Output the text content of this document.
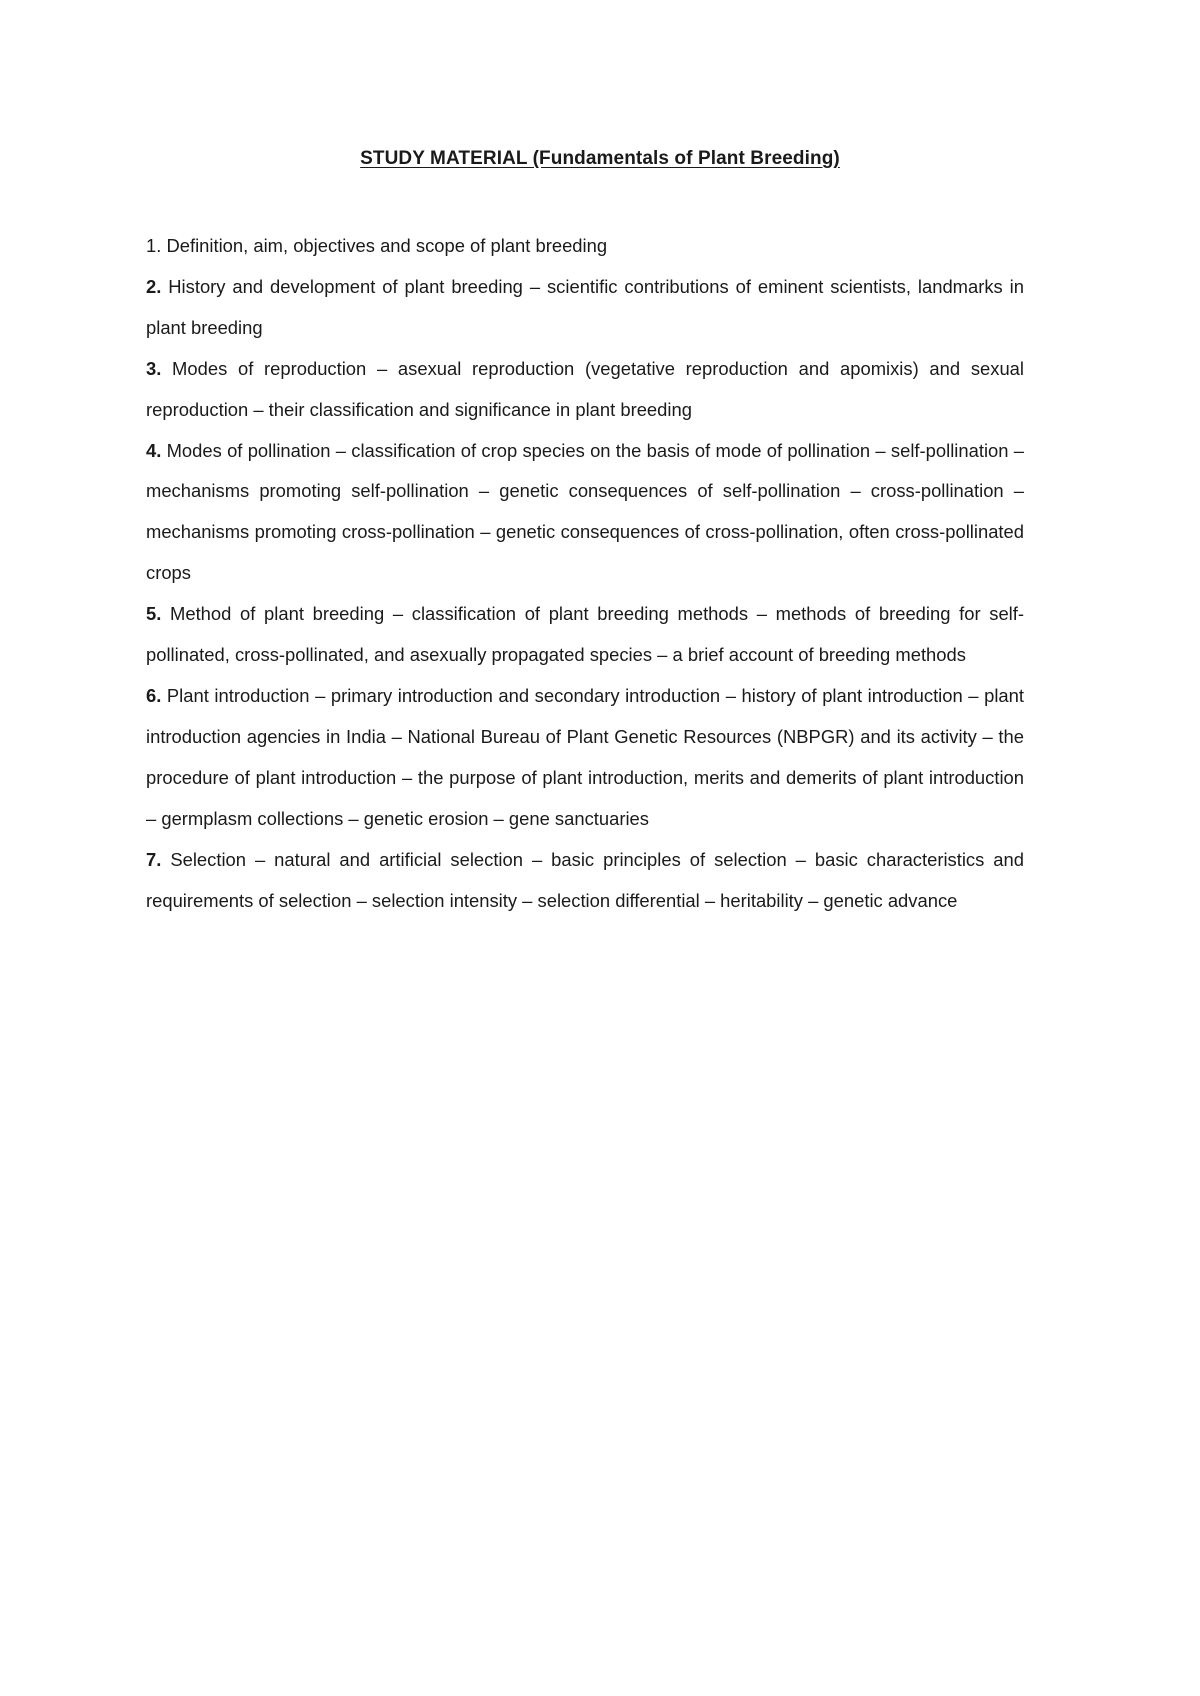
STUDY MATERIAL (Fundamentals of Plant Breeding)
1. Definition, aim, objectives and scope of plant breeding
2. History and development of plant breeding – scientific contributions of eminent scientists, landmarks in plant breeding
3. Modes of reproduction – asexual reproduction (vegetative reproduction and apomixis) and sexual reproduction – their classification and significance in plant breeding
4. Modes of pollination – classification of crop species on the basis of mode of pollination – self-pollination – mechanisms promoting self-pollination – genetic consequences of self-pollination – cross-pollination – mechanisms promoting cross-pollination – genetic consequences of cross-pollination, often cross-pollinated crops
5. Method of plant breeding – classification of plant breeding methods – methods of breeding for self-pollinated, cross-pollinated, and asexually propagated species – a brief account of breeding methods
6. Plant introduction – primary introduction and secondary introduction – history of plant introduction – plant introduction agencies in India – National Bureau of Plant Genetic Resources (NBPGR) and its activity – the procedure of plant introduction – the purpose of plant introduction, merits and demerits of plant introduction – germplasm collections – genetic erosion – gene sanctuaries
7. Selection – natural and artificial selection – basic principles of selection – basic characteristics and requirements of selection – selection intensity – selection differential – heritability – genetic advance
